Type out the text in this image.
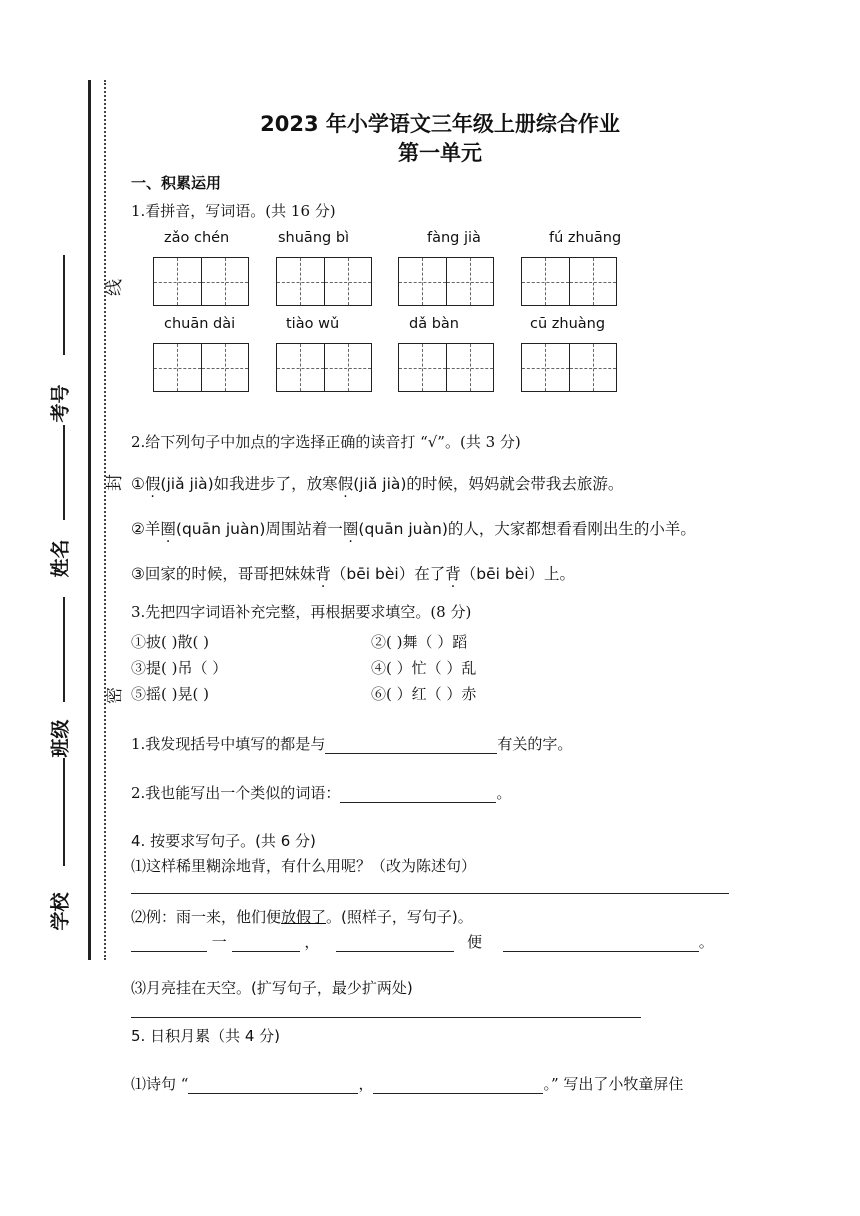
考号
姓名
班级
学校
线
封
密
2023 年小学语文三年级上册综合作业
第一单元
一、积累运用
1.看拼音，写词语。(共 16 分)
zǎo chén	shuāng bì	fàng jià	fú zhuāng
chuān dài	tiào wǔ	dǎ bàn	cū zhuàng
2.给下列句子中加点的字选择正确的读音打 “√”。(共 3 分)
①假(jiǎ jià)如我进步了，放寒假(jiǎ jià)的时候，妈妈就会带我去旅游。
②羊圈(quān juàn)周围站着一圈(quān juàn)的人，大家都想看看刚出生的小羊。
③回家的时候，哥哥把妹妹背（bēi bèi）在了背（bēi bèi）上。
3.先把四字词语补充完整，再根据要求填空。(8 分)
①披( )散( )	②( )舞（ ）蹈
③提( )吊（ ）	④( ）忙（ ）乱
⑤摇( )晃( )	⑥( ）红（ ）赤
1.我发现括号中填写的都是与	有关的字。
2.我也能写出一个类似的词语：	。
4. 按要求写句子。(共 6 分)
⑴这样稀里糊涂地背，有什么用呢？（改为陈述句）
⑵例：雨一来，他们便放假了。(照样子，写句子)。
一	，	便	。
⑶月亮挂在天空。(扩写句子，最少扩两处)
5. 日积月累（共 4 分)
⑴诗句 “	，	。” 写出了小牧童屏住
